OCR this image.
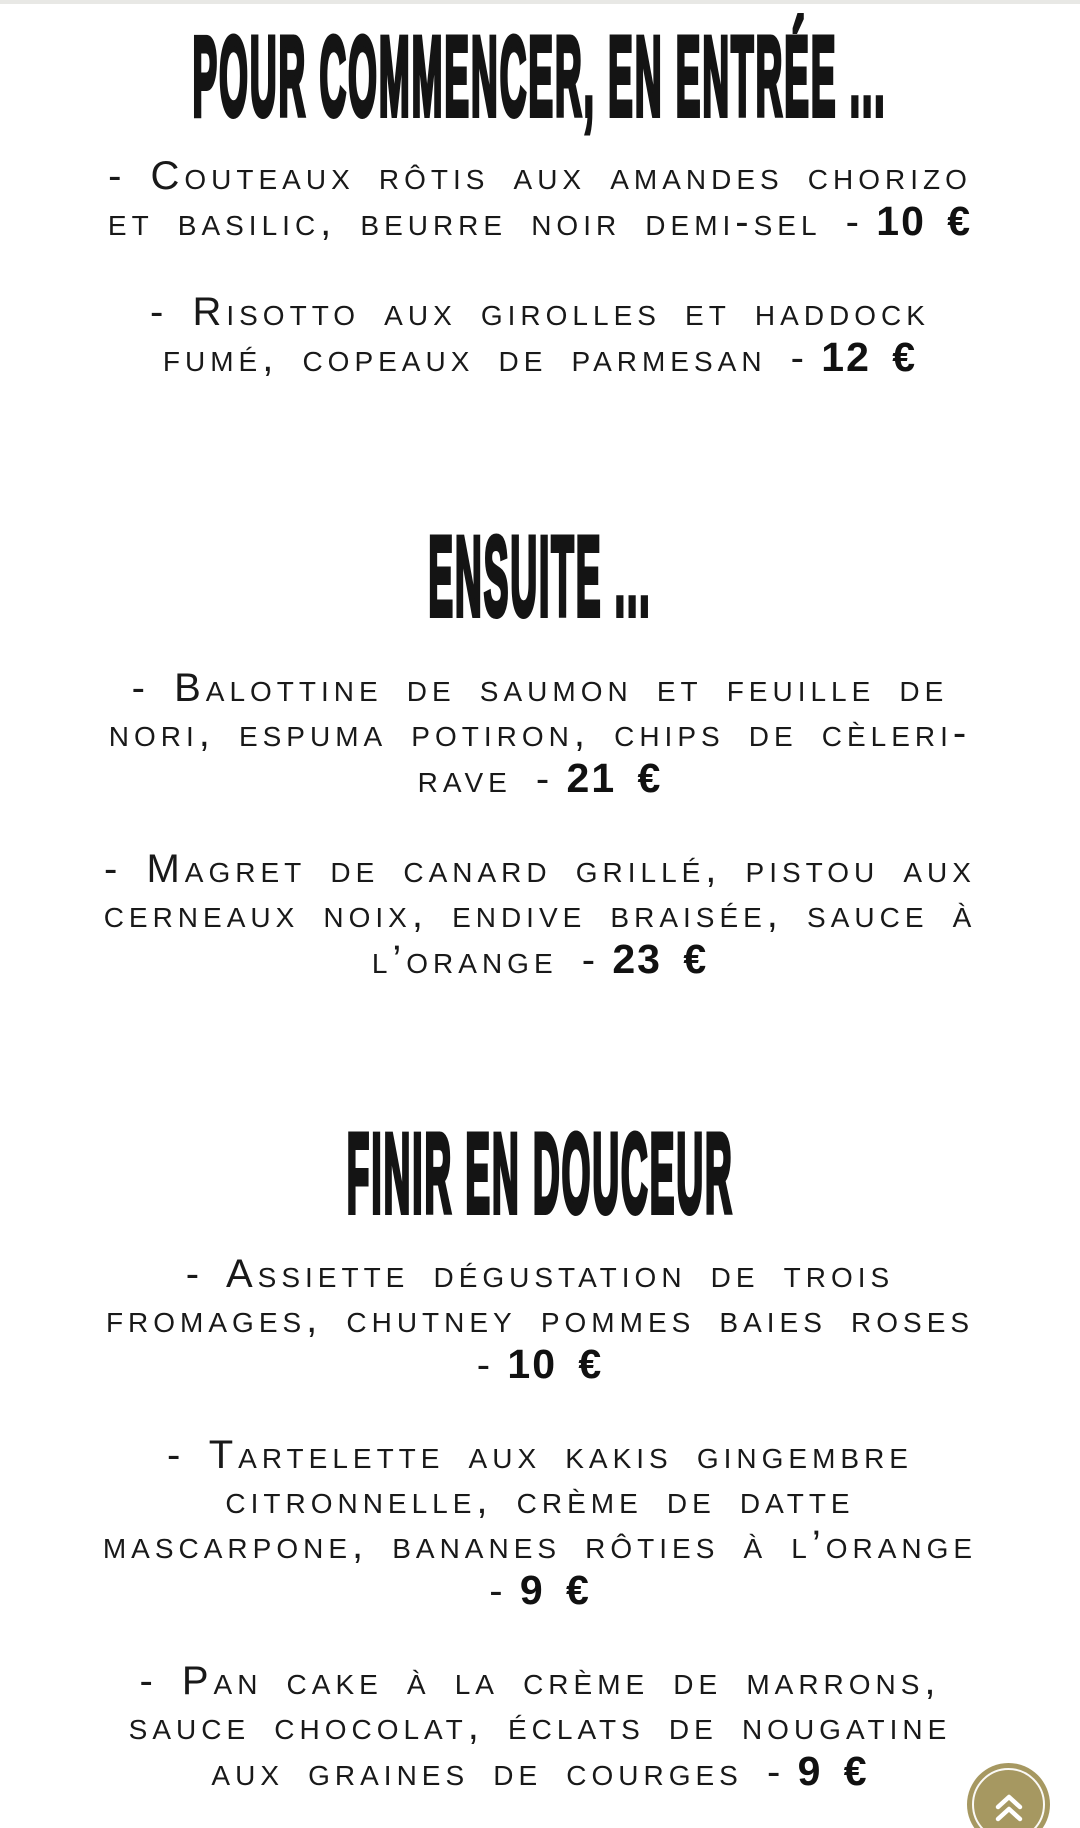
POUR COMMENCER, EN ENTRÉE ...

- Couteaux rôtis aux amandes chorizo et basilic, beurre noir demi-sel - 10 €

- Risotto aux girolles et haddock fumé, copeaux de parmesan - 12 €

ENSUITE ...

- Balottine de saumon et feuille de nori, espuma potiron, chips de cèleri-rave - 21 €

- Magret de canard grillé, pistou aux cerneaux noix, endive braisée, sauce à l’orange - 23 €

FINIR EN DOUCEUR

- Assiette dégustation de trois fromages, chutney pommes baies roses - 10 €

- Tartelette aux kakis gingembre citronnelle, crème de datte mascarpone, bananes rôties à l’orange - 9 €

- Pan cake à la crème de marrons, sauce chocolat, éclats de nougatine aux graines de courges - 9 €
